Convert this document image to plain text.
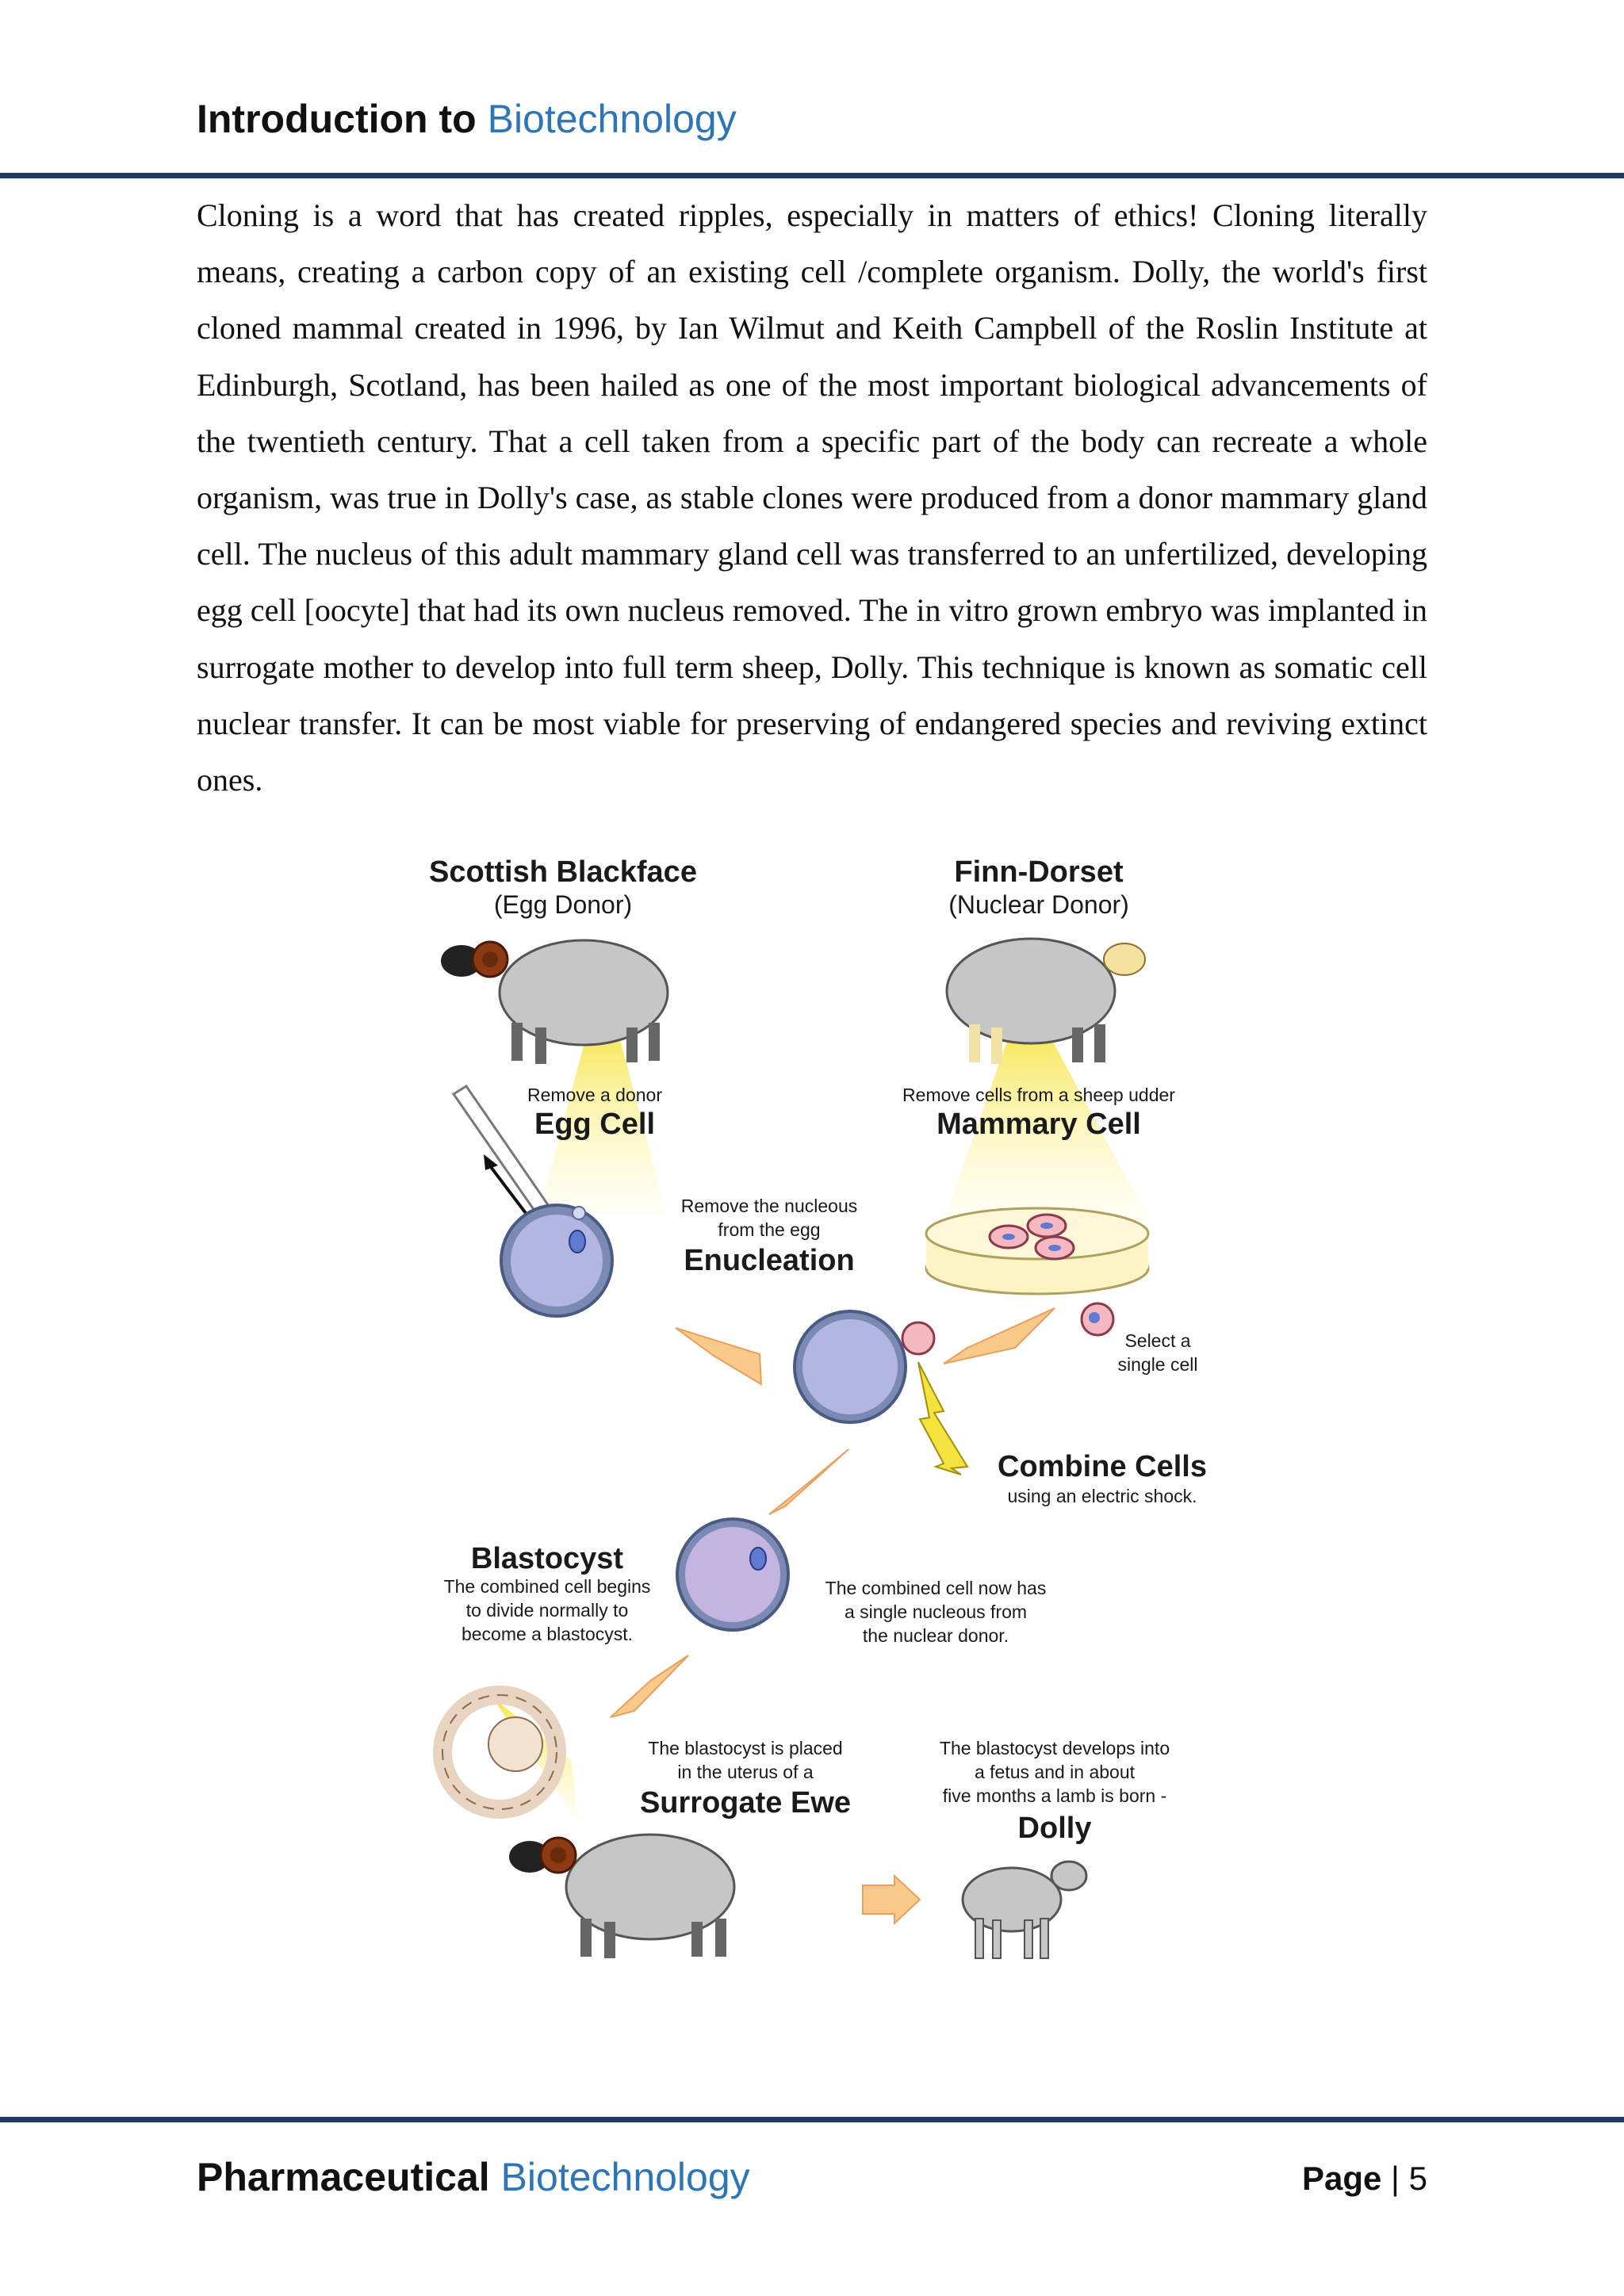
Introduction to Biotechnology

Cloning is a word that has created ripples, especially in matters of ethics! Cloning literally means, creating a carbon copy of an existing cell /complete organism. Dolly, the world's first cloned mammal created in 1996, by Ian Wilmut and Keith Campbell of the Roslin Institute at Edinburgh, Scotland, has been hailed as one of the most important biological advancements of the twentieth century. That a cell taken from a specific part of the body can recreate a whole organism, was true in Dolly's case, as stable clones were produced from a donor mammary gland cell. The nucleus of this adult mammary gland cell was transferred to an unfertilized, developing egg cell [oocyte] that had its own nucleus removed. The in vitro grown embryo was implanted in surrogate mother to develop into full term sheep, Dolly. This technique is known as somatic cell nuclear transfer. It can be most viable for preserving of endangered species and reviving extinct ones.

Scottish Blackface
(Egg Donor)
Finn-Dorset
(Nuclear Donor)
Remove a donor
Egg Cell
Remove cells from a sheep udder
Mammary Cell
Remove the nucleous
from the egg
Enucleation
Select a
single cell
Combine Cells
using an electric shock.
Blastocyst
The combined cell begins
to divide normally to
become a blastocyst.
The combined cell now has
a single nucleous from
the nuclear donor.
The blastocyst is placed
in the uterus of a
Surrogate Ewe
The blastocyst develops into
a fetus and in about
five months a lamb is born -
Dolly

Pharmaceutical Biotechnology	Page | 5
